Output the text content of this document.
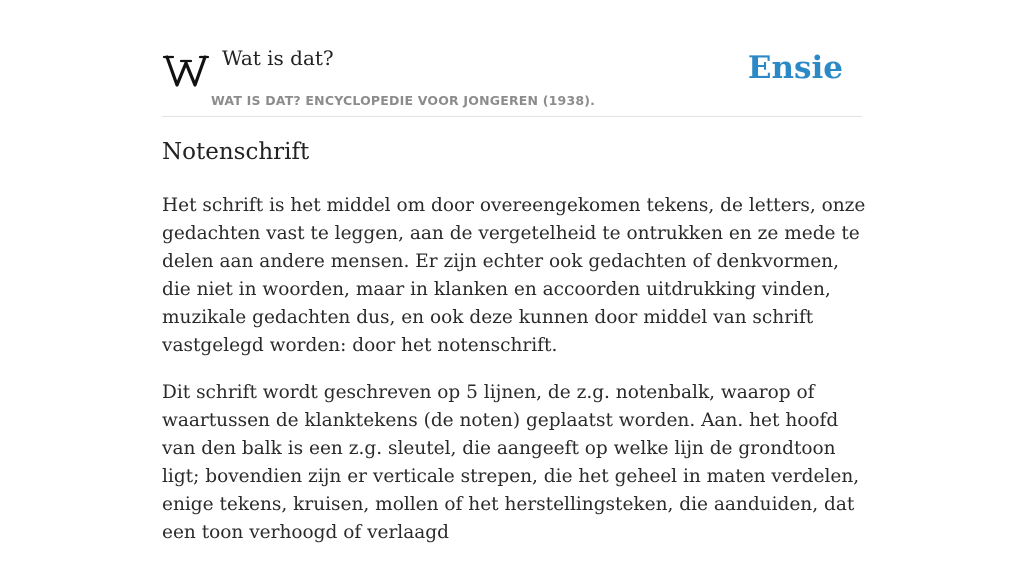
Wat is dat?
WAT IS DAT? ENCYCLOPEDIE VOOR JONGEREN (1938).
Ensie
Notenschrift

Het schrift is het middel om door overeengekomen tekens, de letters, onze gedachten vast te leggen, aan de vergetelheid te ontrukken en ze mede te delen aan andere mensen. Er zijn echter ook gedachten of denkvormen, die niet in woorden, maar in klanken en accoorden uitdrukking vinden, muzikale gedachten dus, en ook deze kunnen door middel van schrift vastgelegd worden: door het notenschrift.

Dit schrift wordt geschreven op 5 lijnen, de z.g. notenbalk, waarop of waartussen de klanktekens (de noten) geplaatst worden. Aan. het hoofd van den balk is een z.g. sleutel, die aangeeft op welke lijn de grondtoon ligt; bovendien zijn er verticale strepen, die het geheel in maten verdelen, enige tekens, kruisen, mollen of het herstellingsteken, die aanduiden, dat een toon verhoogd of verlaagd
